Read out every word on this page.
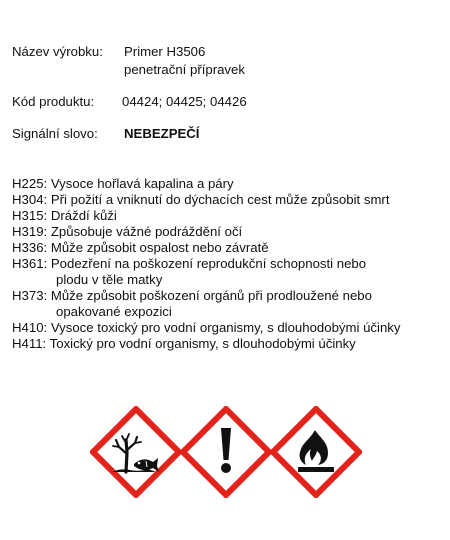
Název výrobku: Primer H3506
penetrační přípravek
Kód produktu: 04424; 04425; 04426
Signální slovo: NEBEZPEČÍ
H225: Vysoce hořlavá kapalina a páry
H304: Při požití a vniknutí do dýchacích cest může způsobit smrt
H315: Dráždí kůži
H319: Způsobuje vážné podráždění očí
H336: Může způsobit ospalost nebo závratě
H361: Podezření na poškození reprodukční schopnosti nebo
plodu v těle matky
H373: Může způsobit poškození orgánů při prodloužené nebo
opakované expozici
H410: Vysoce toxický pro vodní organismy, s dlouhodobými účinky
H411: Toxický pro vodní organismy, s dlouhodobými účinky
